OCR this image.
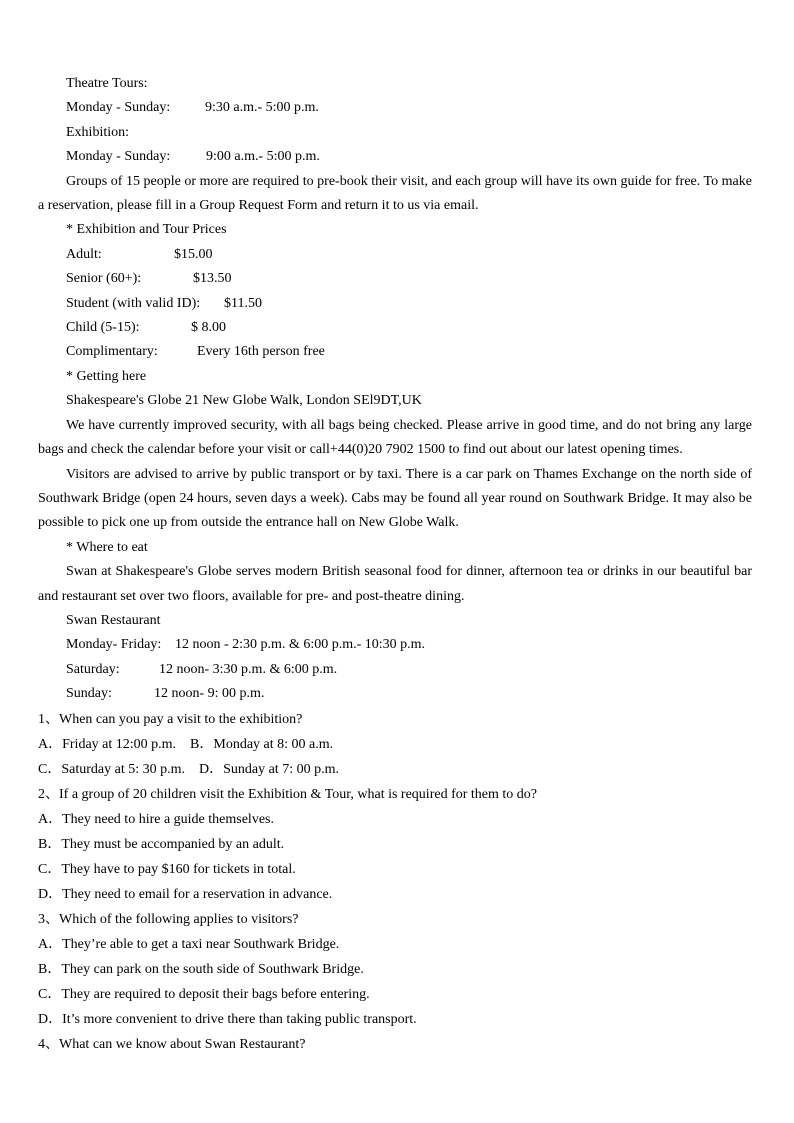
Theatre Tours:
Monday - Sunday: 9:30 a.m.- 5:00 p.m.
Exhibition:
Monday - Sunday:	9:00 a.m.- 5:00 p.m.
Groups of 15 people or more are required to pre-book their visit, and each group will have its own guide for free. To make a reservation, please fill in a Group Request Form and return it to us via email.
* Exhibition and Tour Prices
Adult:	$15.00
Senior (60+):	$13.50
Student (with valid ID): $11.50
Child (5-15):	$ 8.00
Complimentary:	Every 16th person free
* Getting here
Shakespeare's Globe 21 New Globe Walk, London SEl9DT,UK
We have currently improved security, with all bags being checked. Please arrive in good time, and do not bring any large bags and check the calendar before your visit or call+44(0)20 7902 1500 to find out about our latest opening times.
Visitors are advised to arrive by public transport or by taxi. There is a car park on Thames Exchange on the north side of Southwark Bridge (open 24 hours, seven days a week). Cabs may be found all year round on Southwark Bridge. It may also be possible to pick one up from outside the entrance hall on New Globe Walk.
* Where to eat
Swan at Shakespeare's Globe serves modern British seasonal food for dinner, afternoon tea or drinks in our beautiful bar and restaurant set over two floors, available for pre- and post-theatre dining.
Swan Restaurant
Monday- Friday: 12 noon - 2:30 p.m. & 6:00 p.m.- 10:30 p.m.
Saturday:	12 noon- 3:30 p.m. & 6:00 p.m.
Sunday:	12 noon- 9: 00 p.m.
1、When can you pay a visit to the exhibition?
A．Friday at 12:00 p.m.    B．Monday at 8: 00 a.m.
C．Saturday at 5: 30 p.m.    D．Sunday at 7: 00 p.m.
2、If a group of 20 children visit the Exhibition & Tour, what is required for them to do?
A．They need to hire a guide themselves.
B．They must be accompanied by an adult.
C．They have to pay $160 for tickets in total.
D．They need to email for a reservation in advance.
3、Which of the following applies to visitors?
A．They’re able to get a taxi near Southwark Bridge.
B．They can park on the south side of Southwark Bridge.
C．They are required to deposit their bags before entering.
D．It’s more convenient to drive there than taking public transport.
4、What can we know about Swan Restaurant?
